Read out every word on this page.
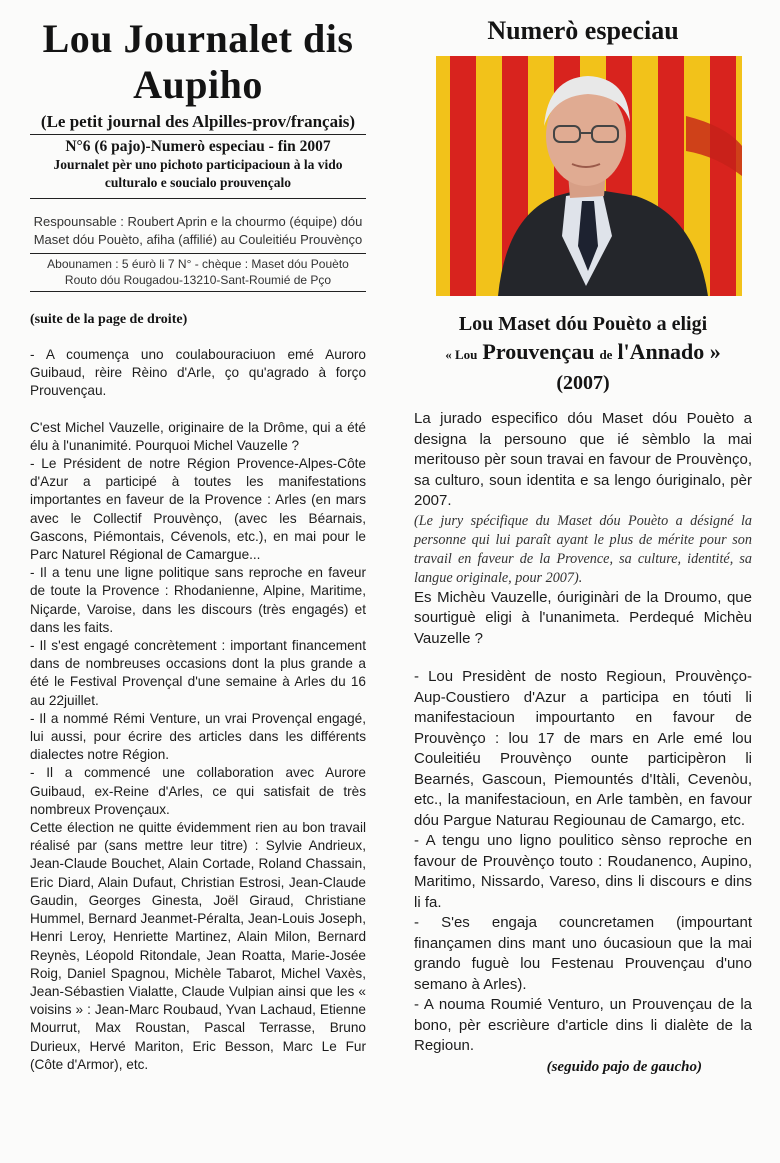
Lou Journalet dis Aupiho
(Le petit journal des Alpilles-prov/français)
N°6 (6 pajo)-Numerò especiau - fin 2007
Journalet pèr uno pichoto participacioun à la vido culturalo e soucialo prouvençalo
Respounsable : Roubert Aprin e la chourmo (équipe) dóu Maset dóu Pouèto, afiha (affilié) au Couleitiéu Prouvènço
Abounamen : 5 éurò li 7 N° - chèque : Maset dóu Pouèto Routo dóu Rougadou-13210-Sant-Roumié de Pço
(suite de la page de droite)

- A coumença uno coulabouraciuon emé Auroro Guibaud, rèire Rèino d'Arle, ço qu'agrado à forço Prouvençau.

C'est Michel Vauzelle, originaire de la Drôme, qui a été élu à l'unanimité. Pourquoi Michel Vauzelle ?

- Le Président de notre Région Provence-Alpes-Côte d'Azur a participé à toutes les manifestations importantes en faveur de la Provence : Arles (en mars avec le Collectif Prouvènço, (avec les Béarnais, Gascons, Piémontais, Cévenols, etc.), en mai pour le Parc Naturel Régional de Camargue...

- Il a tenu une ligne politique sans reproche en faveur de toute la Provence : Rhodanienne, Alpine, Maritime, Niçarde, Varoise, dans les discours (très engagés) et dans les faits.

- Il s'est engagé concrètement : important financement dans de nombreuses occasions dont la plus grande a été le Festival Provençal d'une semaine à Arles du 16 au 22juillet.

- Il a nommé Rémi Venture, un vrai Provençal engagé, lui aussi, pour écrire des articles dans les différents dialectes notre Région.

- Il a commencé une collaboration avec Aurore Guibaud, ex-Reine d'Arles, ce qui satisfait de très nombreux Provençaux.

Cette élection ne quitte évidemment rien au bon travail réalisé par (sans mettre leur titre) : Sylvie Andrieux, Jean-Claude Bouchet, Alain Cortade, Roland Chassain, Eric Diard, Alain Dufaut, Christian Estrosi, Jean-Claude Gaudin, Georges Ginesta, Joël Giraud, Christiane Hummel, Bernard Jeanmet-Péralta, Jean-Louis Joseph, Henri Leroy, Henriette Martinez, Alain Milon, Bernard Reynès, Léopold Ritondale, Jean Roatta, Marie-Josée Roig, Daniel Spagnou, Michèle Tabarot, Michel Vaxès, Jean-Sébastien Vialatte, Claude Vulpian ainsi que les « voisins » : Jean-Marc Roubaud, Yvan Lachaud, Etienne Mourrut, Max Roustan, Pascal Terrasse, Bruno Durieux, Hervé Mariton, Eric Besson, Marc Le Fur (Côte d'Armor), etc.

Numerò especiau
Lou Maset dóu Pouèto a eligi
« Lou Prouvençau de l'Annado »
(2007)

La jurado especifico dóu Maset dóu Pouèto a designa la persouno que ié sèmblo la mai meritouso pèr soun travai en favour de Prouvènço, sa culturo, soun identita e sa lengo óuriginalo, pèr 2007.

(Le jury spécifique du Maset dóu Pouèto a désigné la personne qui lui paraît ayant le plus de mérite pour son travail en faveur de la Provence, sa culture, identité, sa langue originale, pour 2007).

Es Michèu Vauzelle, óuriginàri de la Droumo, que sourtiguè eligi à l'unanimeta. Perdequé Michèu Vauzelle ?

- Lou Presidènt de nosto Regioun, Prouvènço-Aup-Coustiero d'Azur a participa en tóuti li manifestacioun impourtanto en favour de Prouvènço : lou 17 de mars en Arle emé lou Couleitiéu Prouvènço ounte participèron li Bearnés, Gascoun, Piemountés d'Itàli, Cevenòu, etc., la manifestacioun, en Arle tambèn, en favour dóu Pargue Naturau Regiounau de Camargo, etc.

- A tengu uno ligno poulitico sènso reproche en favour de Prouvènço touto : Roudanenco, Aupino, Maritimo, Nissardo, Vareso, dins li discours e dins li fa.

- S'es engaja councretamen (impourtant finançamen dins mant uno óucasioun que la mai grando fuguè lou Festenau Prouvençau d'uno semano à Arles).

- A nouma Roumié Venturo, un Prouvençau de la bono, pèr escrièure d'article dins li dialète de la Regioun.

(seguido pajo de gaucho)
